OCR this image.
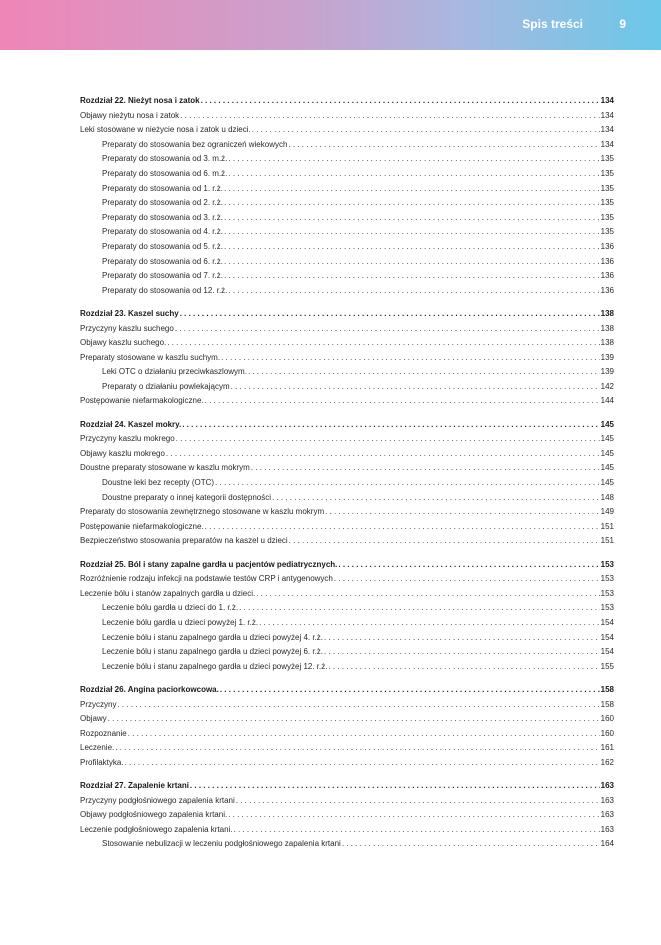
Spis treści	9
Rozdział 22. Nieżyt nosa i zatok . . .	134
Objawy nieżytu nosa i zatok . . .	134
Leki stosowane w nieżycie nosa i zatok u dzieci. . . .	134
Preparaty do stosowania bez ograniczeń wiekowych . . .	134
Preparaty do stosowania od 3. m.ż. . . .	135
Preparaty do stosowania od 6. m.ż. . . .	135
Preparaty do stosowania od 1. r.ż. . . .	135
Preparaty do stosowania od 2. r.ż. . . .	135
Preparaty do stosowania od 3. r.ż. . . .	135
Preparaty do stosowania od 4. r.ż. . . .	135
Preparaty do stosowania od 5. r.ż. . . .	136
Preparaty do stosowania od 6. r.ż. . . .	136
Preparaty do stosowania od 7. r.ż. . . .	136
Preparaty do stosowania od 12. r.ż. . . .	136
Rozdział 23. Kaszel suchy . . .	138
Przyczyny kaszlu suchego . . .	138
Objawy kaszlu suchego. . . .	138
Preparaty stosowane w kaszlu suchym. . . .	139
Leki OTC o działaniu przeciwkaszlowym. . . .	139
Preparaty o działaniu powlekającym . . .	142
Postępowanie niefarmakologiczne. . . .	144
Rozdział 24. Kaszel mokry. . . .	145
Przyczyny kaszlu mokrego . . .	145
Objawy kaszlu mokrego . . .	145
Doustne preparaty stosowane w kaszlu mokrym . . .	145
Doustne leki bez recepty (OTC) . . .	145
Doustne preparaty o innej kategorii dostępności . . .	148
Preparaty do stosowania zewnętrznego stosowane w kaszlu mokrym . . .	149
Postępowanie niefarmakologiczne. . . .	151
Bezpieczeństwo stosowania preparatów na kaszel u dzieci . . .	151
Rozdział 25. Ból i stany zapalne gardła u pacjentów pediatrycznych. . . .	153
Rozróżnienie rodzaju infekcji na podstawie testów CRP i antygenowych . . .	153
Leczenie bólu i stanów zapalnych gardła u dzieci. . . .	153
Leczenie bólu gardła u dzieci do 1. r.ż. . . .	153
Leczenie bólu gardła u dzieci powyżej 1. r.ż. . . .	154
Leczenie bólu i stanu zapalnego gardła u dzieci powyżej 4. r.ż. . . .	154
Leczenie bólu i stanu zapalnego gardła u dzieci powyżej 6. r.ż. . . .	154
Leczenie bólu i stanu zapalnego gardła u dzieci powyżej 12. r.ż. . . .	155
Rozdział 26. Angina paciorkowcowa. . . .	158
Przyczyny . . .	158
Objawy . . .	160
Rozpoznanie . . .	160
Leczenie. . . .	161
Profilaktyka. . . .	162
Rozdział 27. Zapalenie krtani . . .	163
Przyczyny podgłośniowego zapalenia krtani . . .	163
Objawy podgłośniowego zapalenia krtani. . . .	163
Leczenie podgłośniowego zapalenia krtani. . . .	163
Stosowanie nebulizacji w leczeniu podgłośniowego zapalenia krtani . . .	164
